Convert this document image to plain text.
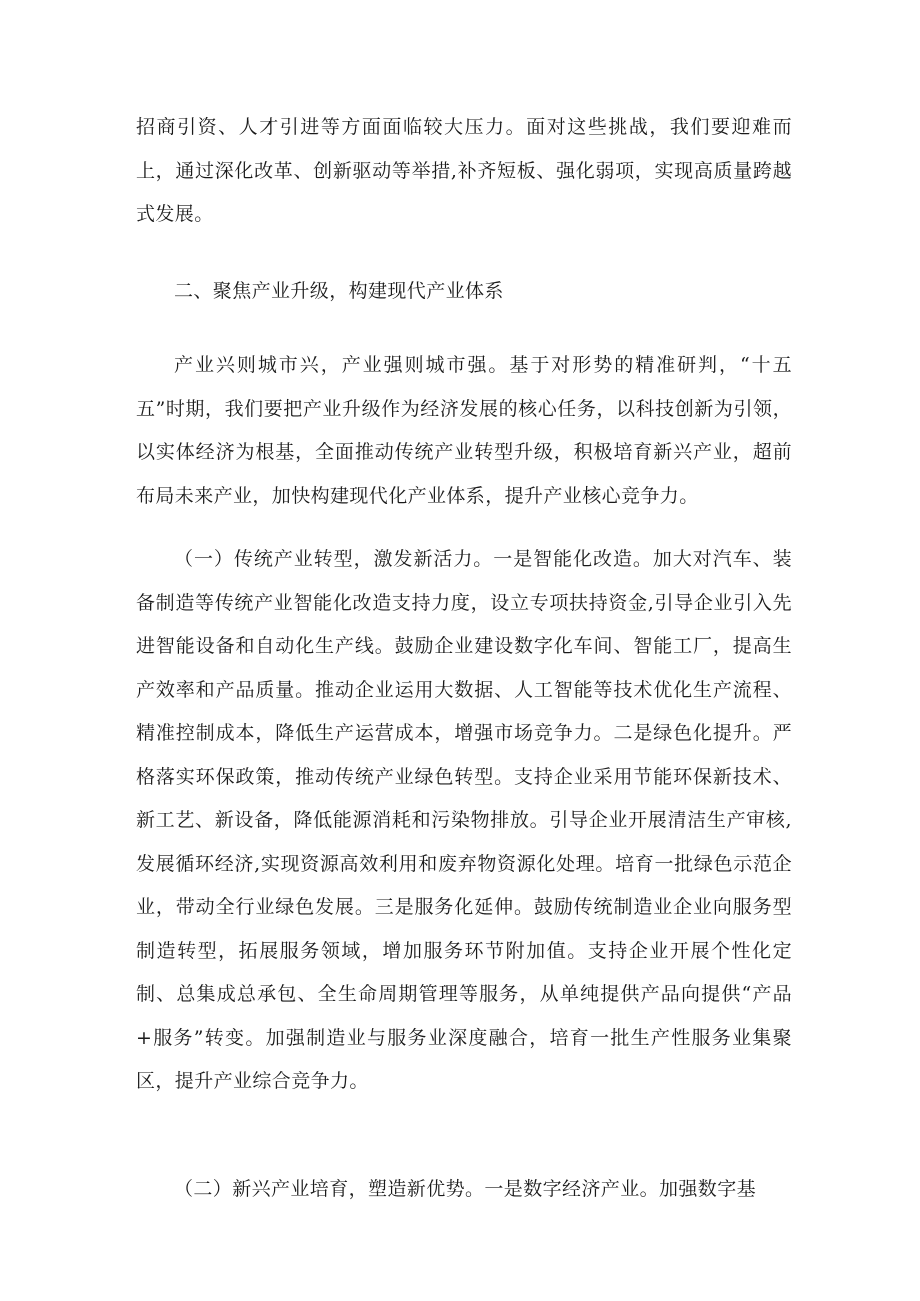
招商引资、人才引进等方面面临较大压力。面对这些挑战，我们要迎难而上，通过深化改革、创新驱动等举措,补齐短板、强化弱项，实现高质量跨越式发展。

二、聚焦产业升级，构建现代产业体系

产业兴则城市兴，产业强则城市强。基于对形势的精准研判，“十五五”时期，我们要把产业升级作为经济发展的核心任务，以科技创新为引领，以实体经济为根基，全面推动传统产业转型升级，积极培育新兴产业，超前布局未来产业，加快构建现代化产业体系，提升产业核心竞争力。

（一）传统产业转型，激发新活力。一是智能化改造。加大对汽车、装备制造等传统产业智能化改造支持力度，设立专项扶持资金,引导企业引入先进智能设备和自动化生产线。鼓励企业建设数字化车间、智能工厂，提高生产效率和产品质量。推动企业运用大数据、人工智能等技术优化生产流程、精准控制成本，降低生产运营成本，增强市场竞争力。二是绿色化提升。严格落实环保政策，推动传统产业绿色转型。支持企业采用节能环保新技术、新工艺、新设备，降低能源消耗和污染物排放。引导企业开展清洁生产审核,发展循环经济,实现资源高效利用和废弃物资源化处理。培育一批绿色示范企业，带动全行业绿色发展。三是服务化延伸。鼓励传统制造业企业向服务型制造转型，拓展服务领域，增加服务环节附加值。支持企业开展个性化定制、总集成总承包、全生命周期管理等服务，从单纯提供产品向提供“产品+服务”转变。加强制造业与服务业深度融合，培育一批生产性服务业集聚区，提升产业综合竞争力。

（二）新兴产业培育，塑造新优势。一是数字经济产业。加强数字基
